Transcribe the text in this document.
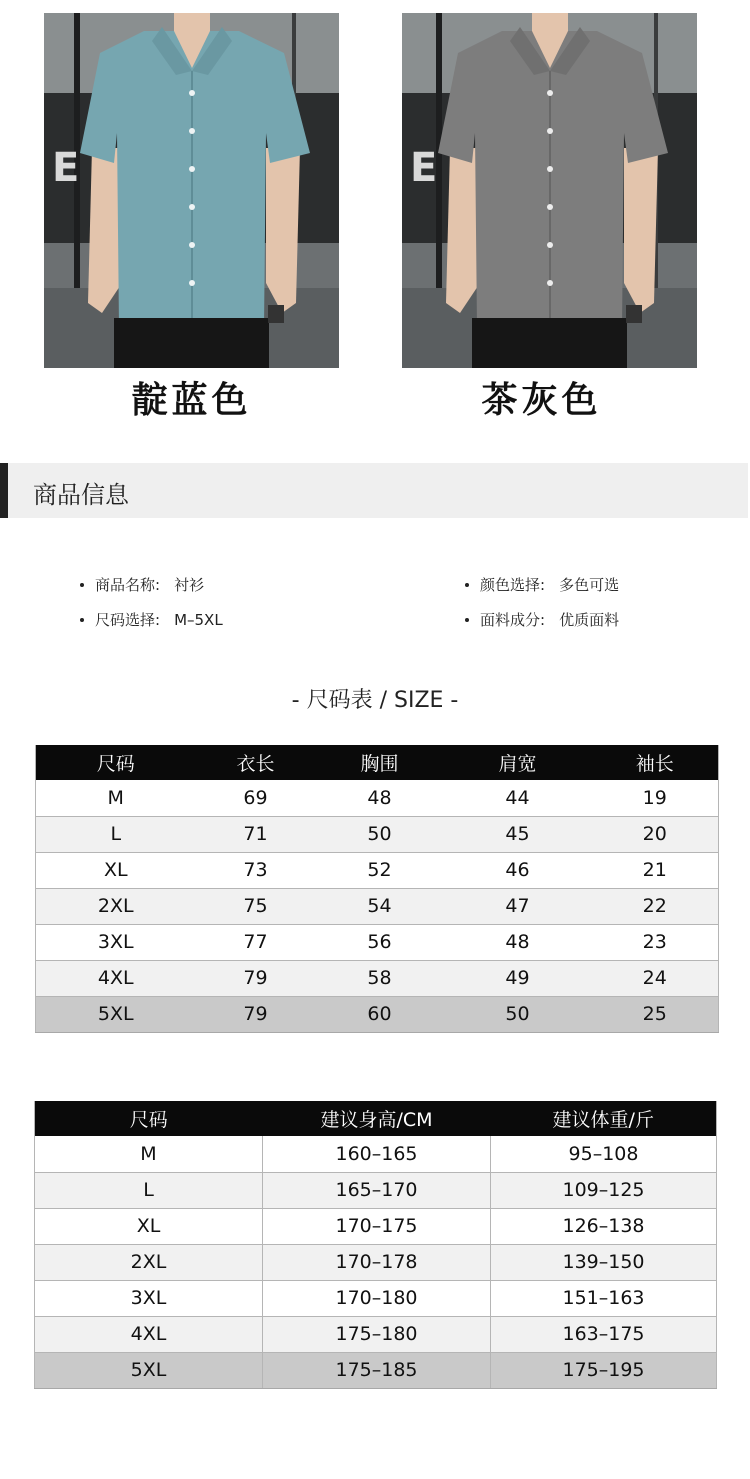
E	E
靛蓝色	茶灰色
商品信息
商品名称: 衬衫
尺码选择: M–5XL
颜色选择: 多色可选
面料成分: 优质面料
- 尺码表 / SIZE -
尺码	衣长	胸围	肩宽	袖长
M	69	48	44	19
L	71	50	45	20
XL	73	52	46	21
2XL	75	54	47	22
3XL	77	56	48	23
4XL	79	58	49	24
5XL	79	60	50	25
尺码	建议身高/CM	建议体重/斤
M	160–165	95–108
L	165–170	109–125
XL	170–175	126–138
2XL	170–178	139–150
3XL	170–180	151–163
4XL	175–180	163–175
5XL	175–185	175–195
